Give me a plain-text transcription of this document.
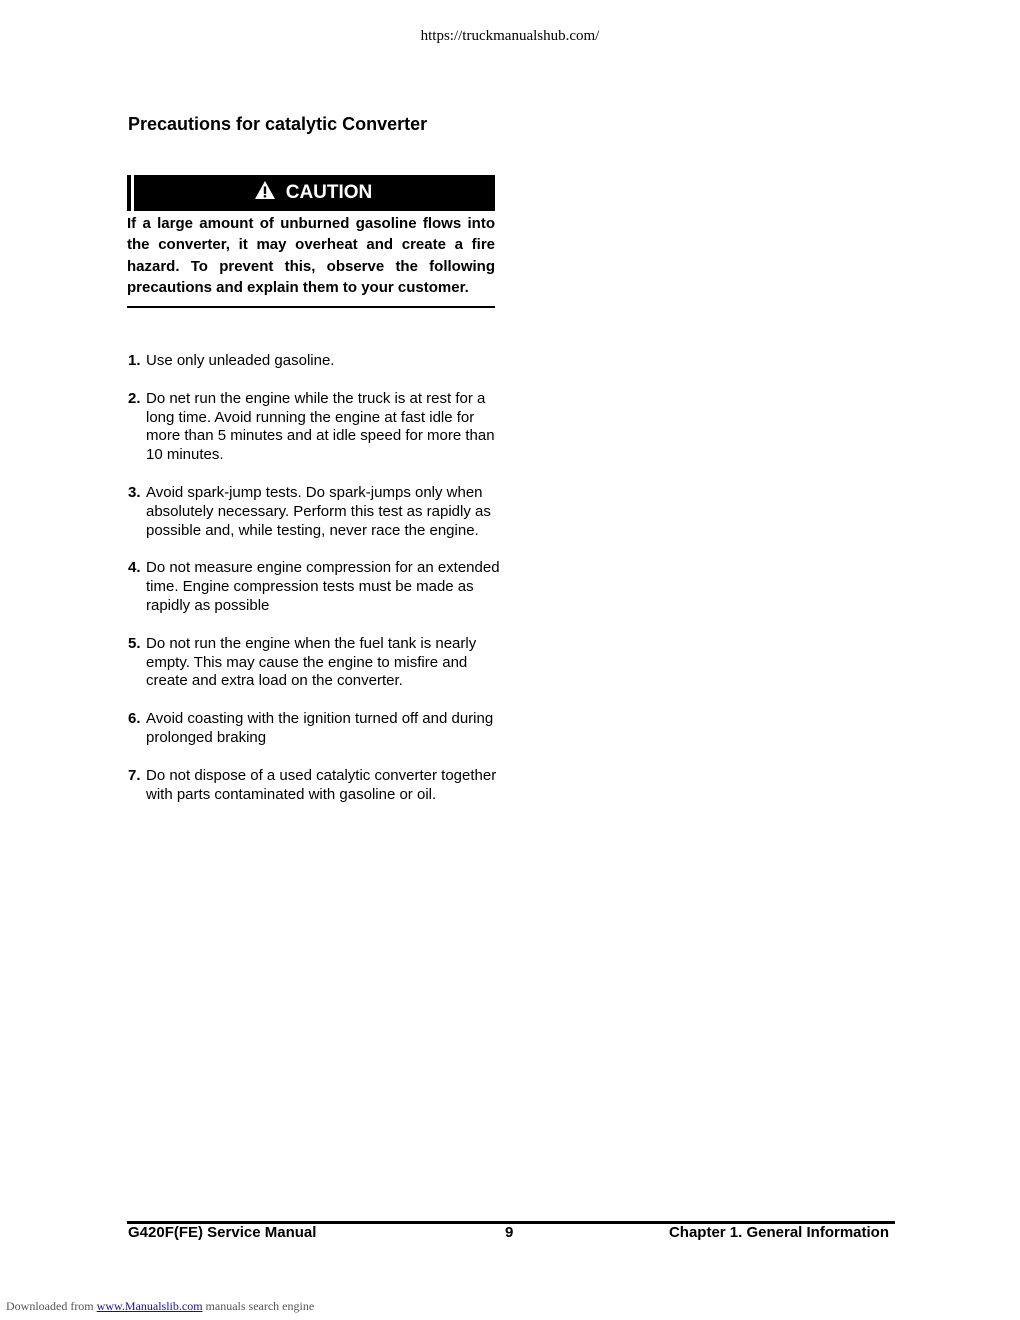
https://truckmanualshub.com/
Precautions for catalytic Converter
CAUTION
If a large amount of unburned gasoline flows into the converter, it may overheat and create a fire hazard. To prevent this, observe the following precautions and explain them to your customer.
1. Use only unleaded gasoline.
2. Do net run the engine while the truck is at rest for a long time. Avoid running the engine at fast idle for more than 5 minutes and at idle speed for more than 10 minutes.
3. Avoid spark-jump tests. Do spark-jumps only when absolutely necessary. Perform this test as rapidly as possible and, while testing, never race the engine.
4. Do not measure engine compression for an extended time. Engine compression tests must be made as rapidly as possible
5. Do not run the engine when the fuel tank is nearly empty. This may cause the engine to misfire and create and extra load on the converter.
6. Avoid coasting with the ignition turned off and during prolonged braking
7. Do not dispose of a used catalytic converter together with parts contaminated with gasoline or oil.
G420F(FE) Service Manual	9	Chapter 1. General Information
Downloaded from www.Manualslib.com manuals search engine
